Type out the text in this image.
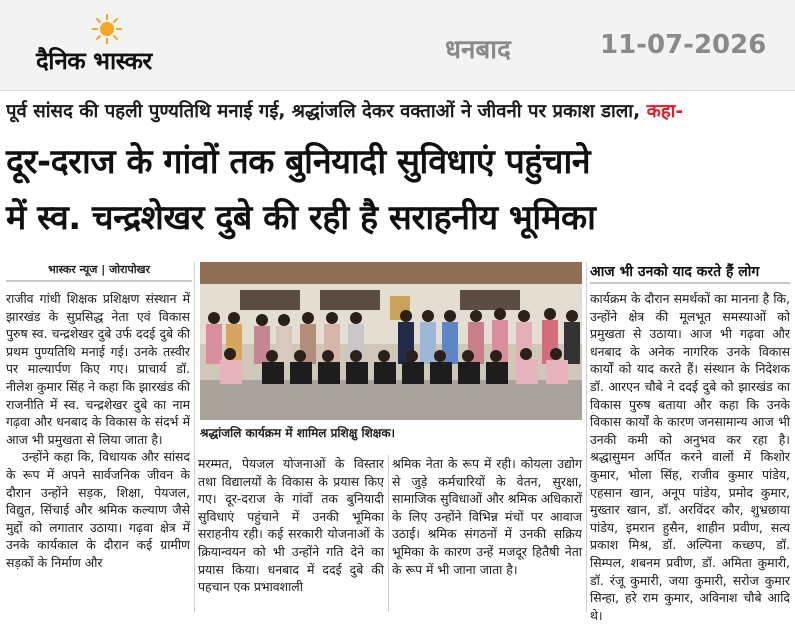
दैनिक भास्कर	धनबाद	11-07-2026
पूर्व सांसद की पहली पुण्यतिथि मनाई गई, श्रद्धांजलि देकर वक्ताओं ने जीवनी पर प्रकाश डाला, कहा-
दूर-दराज के गांवों तक बुनियादी सुविधाएं पहुंचाने
में स्व. चन्द्रशेखर दुबे की रही है सराहनीय भूमिका
भास्कर न्यूज | जोरापोखर

राजीव गांधी शिक्षक प्रशिक्षण संस्थान में झारखंड के सुप्रसिद्ध नेता एवं विकास पुरुष स्व. चन्द्रशेखर दुबे उर्फ ददई दुबे की प्रथम पुण्यतिथि मनाई गई। उनके तस्वीर पर माल्यार्पण किए गए। प्राचार्य डॉ. नीलेश कुमार सिंह ने कहा कि झारखंड की राजनीति में स्व. चन्द्रशेखर दुबे का नाम गढ़वा और धनबाद के विकास के संदर्भ में आज भी प्रमुखता से लिया जाता है।

उन्होंने कहा कि, विधायक और सांसद के रूप में अपने सार्वजनिक जीवन के दौरान उन्होंने सड़क, शिक्षा, पेयजल, विद्युत, सिंचाई और श्रमिक कल्याण जैसे मुद्दों को लगातार उठाया। गढ़वा क्षेत्र में उनके कार्यकाल के दौरान कई ग्रामीण सड़कों के निर्माण और

श्रद्धांजलि कार्यक्रम में शामिल प्रशिक्षु शिक्षक।

मरम्मत, पेयजल योजनाओं के विस्तार तथा विद्यालयों के विकास के प्रयास किए गए। दूर-दराज के गांवों तक बुनियादी सुविधाएं पहुंचाने में उनकी भूमिका सराहनीय रही। कई सरकारी योजनाओं के क्रियान्वयन को भी उन्होंने गति देने का प्रयास किया। धनबाद में ददई दुबे की पहचान एक प्रभावशाली

श्रमिक नेता के रूप में रही। कोयला उद्योग से जुड़े कर्मचारियों के वेतन, सुरक्षा, सामाजिक सुविधाओं और श्रमिक अधिकारों के लिए उन्होंने विभिन्न मंचों पर आवाज उठाई। श्रमिक संगठनों में उनकी सक्रिय भूमिका के कारण उन्हें मजदूर हितैषी नेता के रूप में भी जाना जाता है।

आज भी उनको याद करते हैं लोग

कार्यक्रम के दौरान समर्थकों का मानना है कि, उन्होंने क्षेत्र की मूलभूत समस्याओं को प्रमुखता से उठाया। आज भी गढ़वा और धनबाद के अनेक नागरिक उनके विकास कार्यों को याद करते हैं। संस्थान के निदेशक डॉ. आरएन चौबे ने ददई दुबे को झारखंड का विकास पुरुष बताया और कहा कि उनके विकास कार्यों के कारण जनसामान्य आज भी उनकी कमी को अनुभव कर रहा है। श्रद्धासुमन अर्पित करने वालों में किशोर कुमार, भोला सिंह, राजीव कुमार पांडेय, एहसान खान, अनूप पांडेय, प्रमोद कुमार, मुख्तार खान, डॉ. अरविंदर कौर, शुभ्रछाया पांडेय, इमरान हुसैन, शाहीन प्रवीण, सत्य प्रकाश मिश्र, डॉ. अल्पिना कच्छप, डॉ. सिम्पल, शबनम प्रवीण, डॉ. अमिता कुमारी, डॉ. रंजू कुमारी, जया कुमारी, सरोज कुमार सिन्हा, हरे राम कुमार, अविनाश चौबे आदि थे।
